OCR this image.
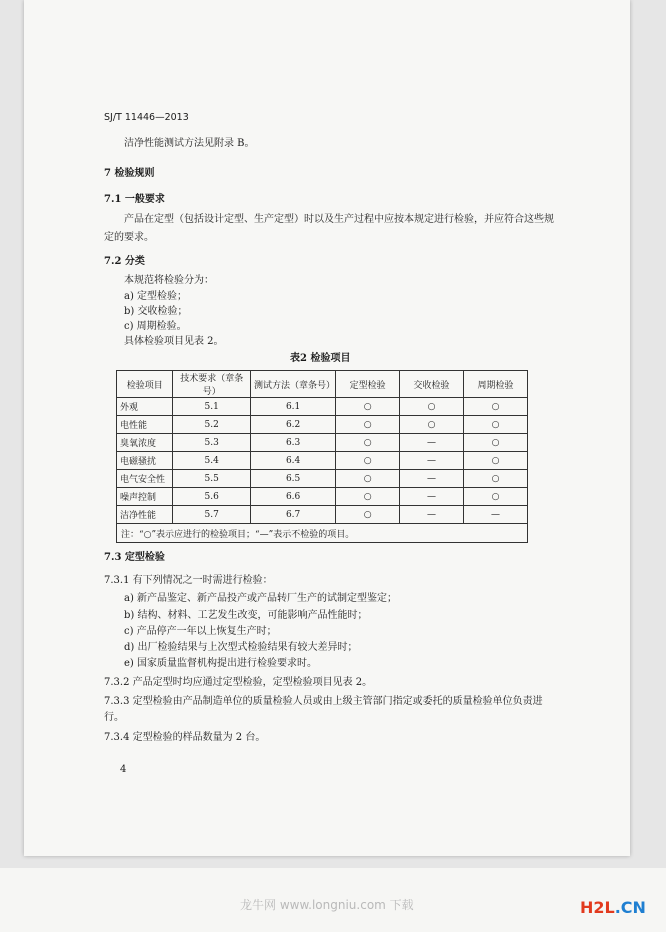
SJ/T 11446—2013
洁净性能测试方法见附录 B。
7 检验规则
7.1 一般要求
产品在定型（包括设计定型、生产定型）时以及生产过程中应按本规定进行检验，并应符合这些规
定的要求。
7.2 分类
本规范将检验分为：
a) 定型检验；
b) 交收检验；
c) 周期检验。
具体检验项目见表 2。
表2 检验项目
检验项目	技术要求（章条号）	测试方法（章条号）	定型检验	交收检验	周期检验
外观	5.1	6.1	○	○	○
电性能	5.2	6.2	○	○	○
臭氧浓度	5.3	6.3	○	—	○
电磁骚扰	5.4	6.4	○	—	○
电气安全性	5.5	6.5	○	—	○
噪声控制	5.6	6.6	○	—	○
洁净性能	5.7	6.7	○	—	—
注：“○”表示应进行的检验项目；“—”表示不检验的项目。					
7.3 定型检验
7.3.1 有下列情况之一时需进行检验：
a) 新产品鉴定、新产品投产或产品转厂生产的试制定型鉴定；
b) 结构、材料、工艺发生改变，可能影响产品性能时；
c) 产品停产一年以上恢复生产时；
d) 出厂检验结果与上次型式检验结果有较大差异时；
e) 国家质量监督机构提出进行检验要求时。
7.3.2 产品定型时均应通过定型检验，定型检验项目见表 2。
7.3.3 定型检验由产品制造单位的质量检验人员或由上级主管部门指定或委托的质量检验单位负责进
行。
7.3.4 定型检验的样品数量为 2 台。
4
龙牛网 www.longniu.com 下载	H2L.CN
